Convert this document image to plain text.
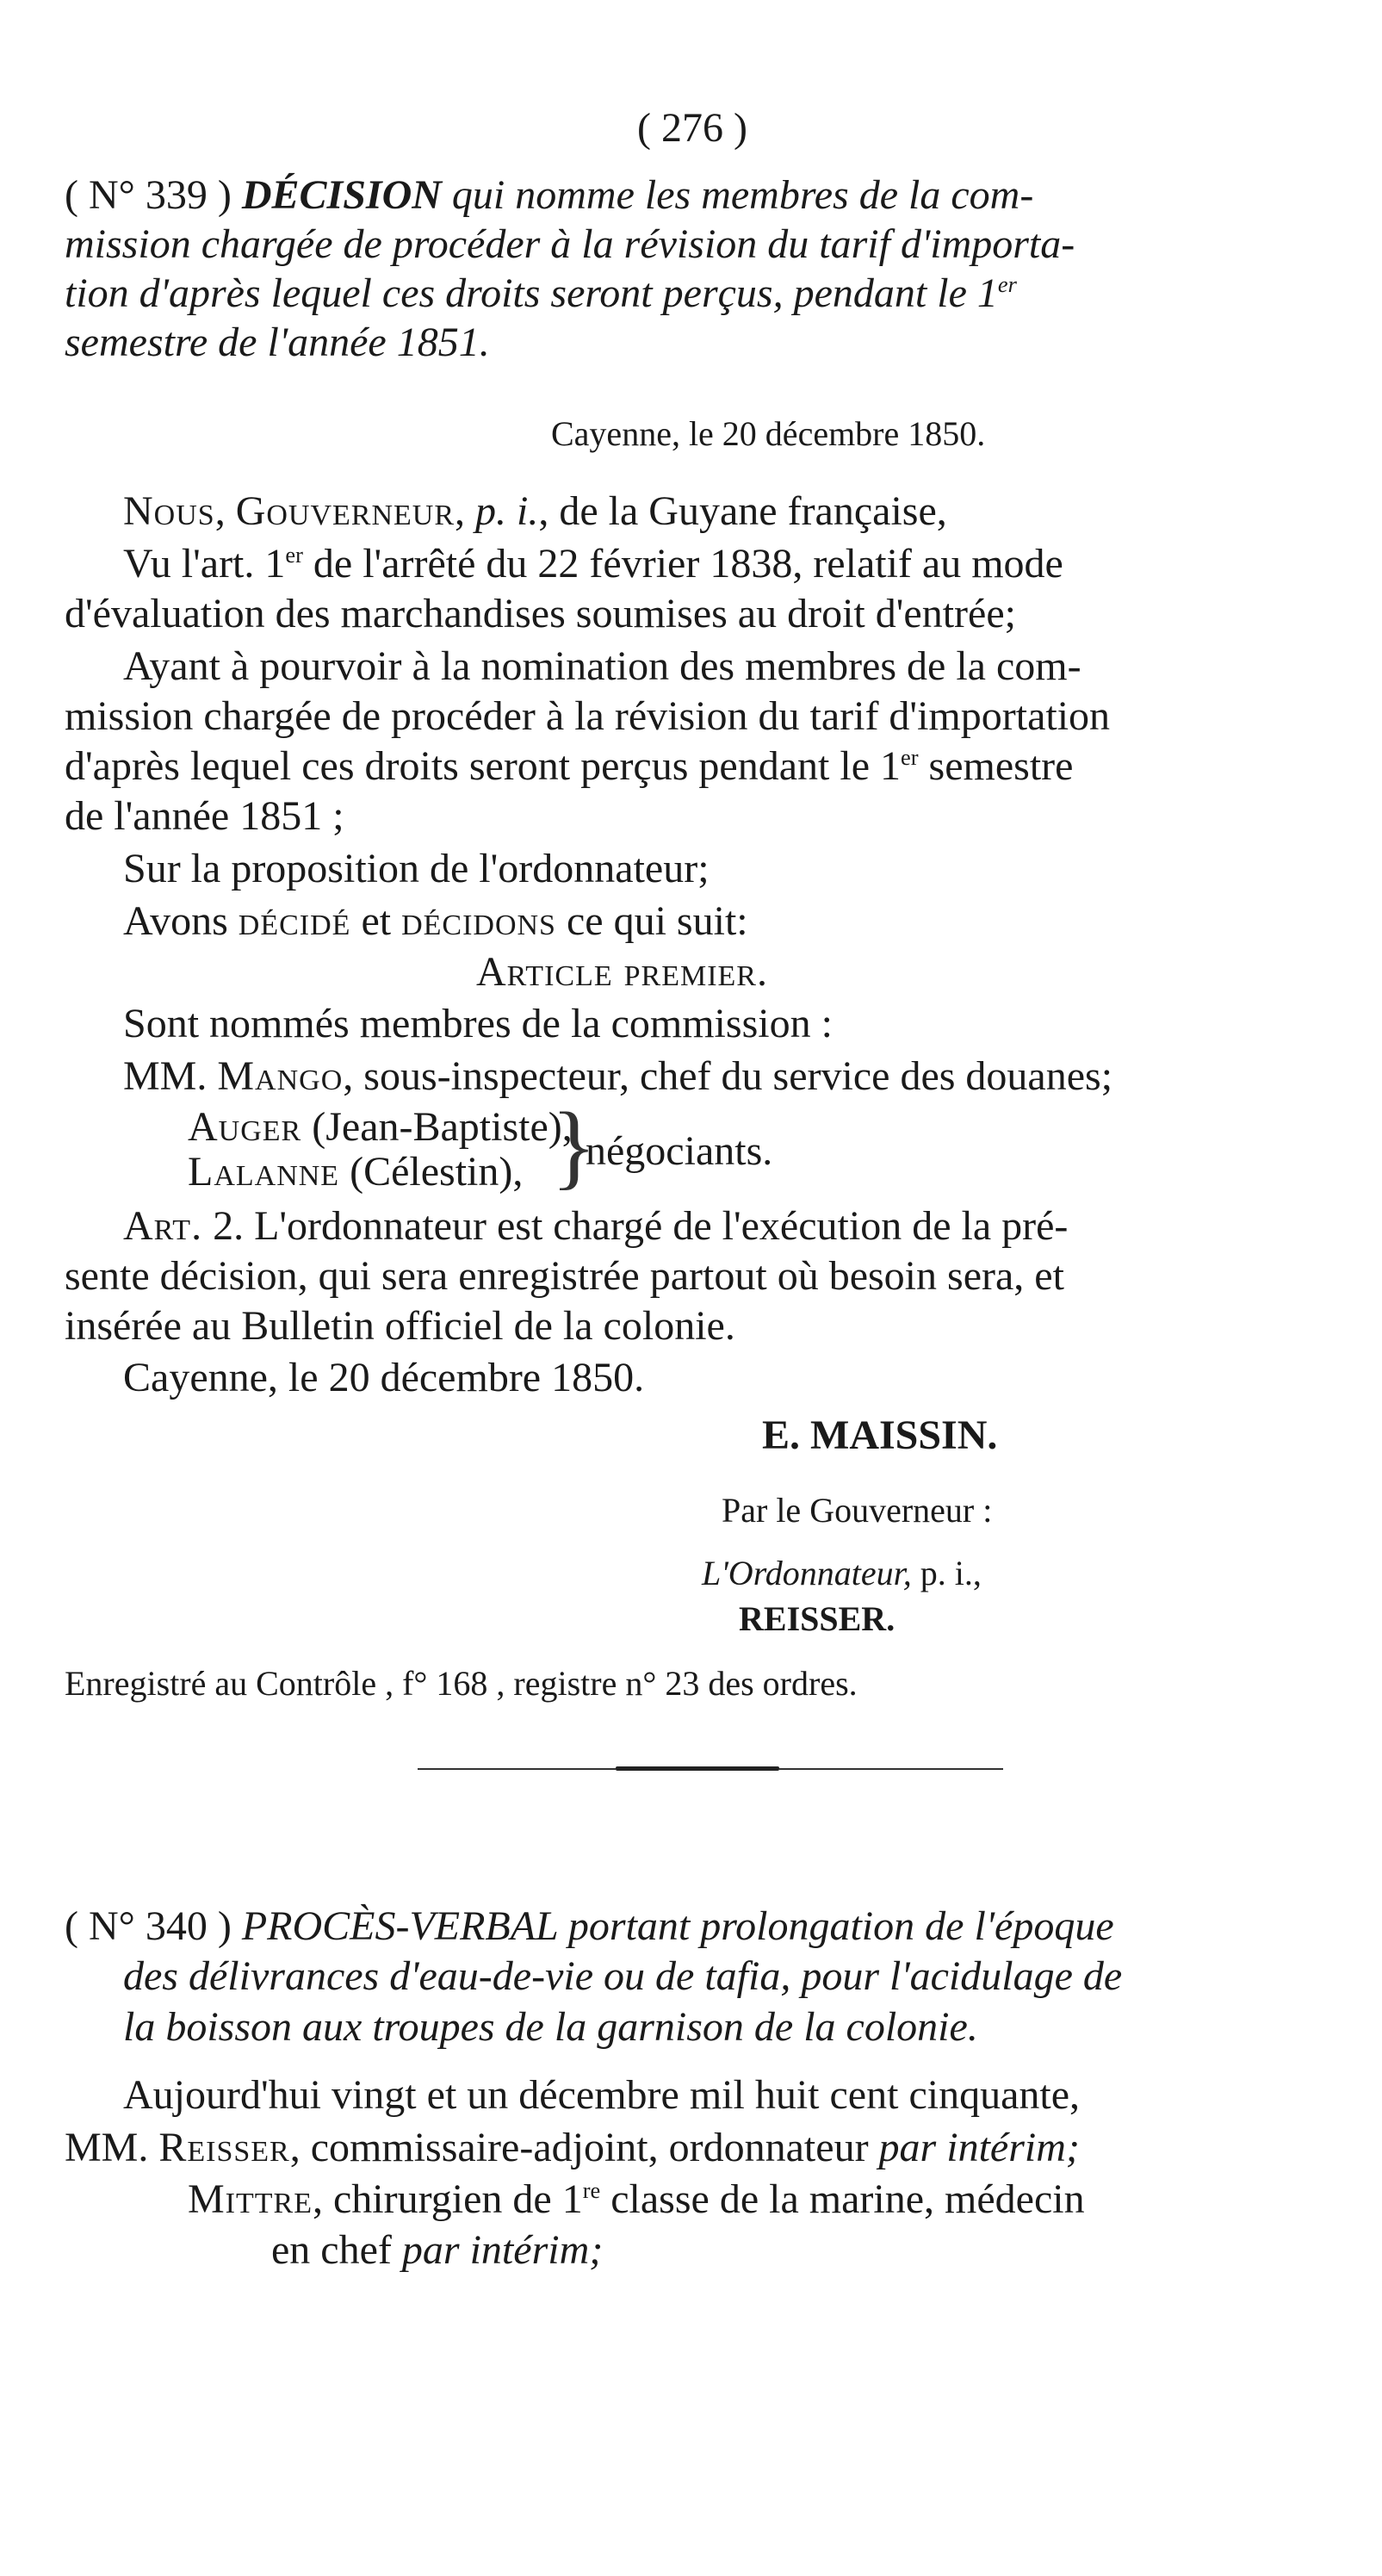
( 276 )
( N° 339 ) DÉCISION qui nomme les membres de la com-
mission chargée de procéder à la révision du tarif d'importa-
tion d'après lequel ces droits seront perçus, pendant le 1er
semestre de l'année 1851.
Cayenne, le 20 décembre 1850.
Nous, Gouverneur, p. i., de la Guyane française,
Vu l'art. 1er de l'arrêté du 22 février 1838, relatif au mode
d'évaluation des marchandises soumises au droit d'entrée;
Ayant à pourvoir à la nomination des membres de la com-
mission chargée de procéder à la révision du tarif d'importation
d'après lequel ces droits seront perçus pendant le 1er semestre
de l'année 1851 ;
Sur la proposition de l'ordonnateur;
Avons décidé et décidons ce qui suit:
Article premier.
Sont nommés membres de la commission :
MM. Mango, sous-inspecteur, chef du service des douanes;
Auger (Jean-Baptiste),
Lalanne (Célestin), }
négociants.
Art. 2. L'ordonnateur est chargé de l'exécution de la pré-
sente décision, qui sera enregistrée partout où besoin sera, et
insérée au Bulletin officiel de la colonie.
Cayenne, le 20 décembre 1850.
E. MAISSIN.
Par le Gouverneur :
L'Ordonnateur, p. i.,
REISSER.
Enregistré au Contrôle , f° 168 , registre n° 23 des ordres.
( N° 340 ) PROCÈS-VERBAL portant prolongation de l'époque
des délivrances d'eau-de-vie ou de tafia, pour l'acidulage de
la boisson aux troupes de la garnison de la colonie.
Aujourd'hui vingt et un décembre mil huit cent cinquante,
MM. Reisser, commissaire-adjoint, ordonnateur par intérim;
Mittre, chirurgien de 1re classe de la marine, médecin
en chef par intérim;
